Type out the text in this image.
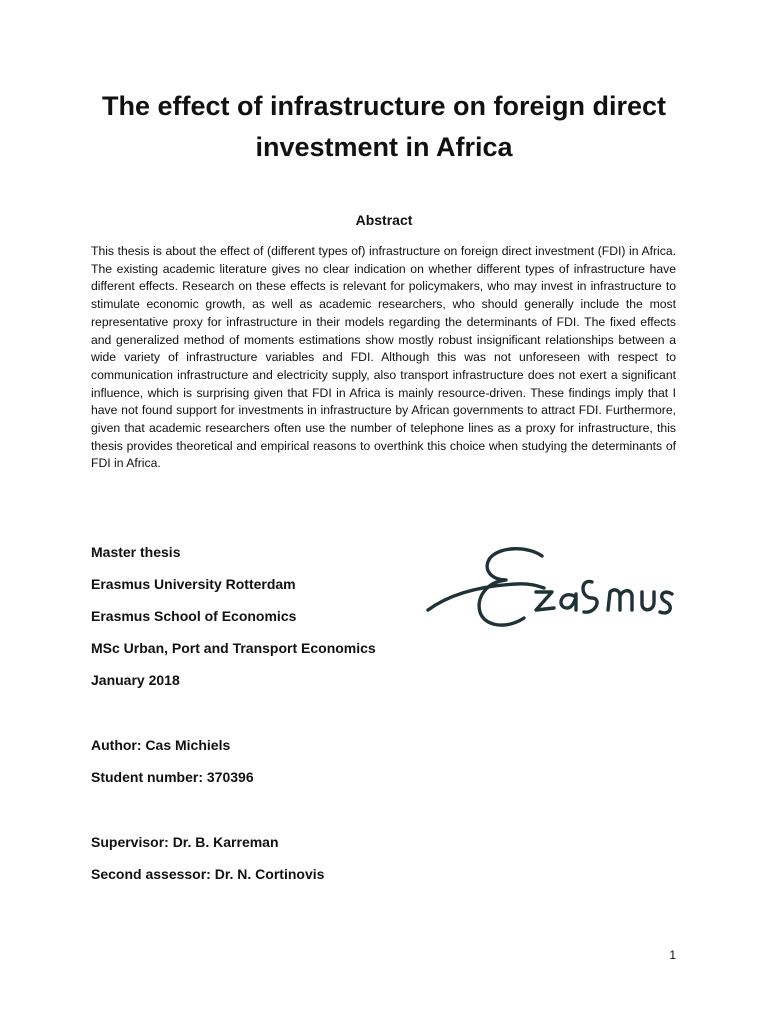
The effect of infrastructure on foreign direct investment in Africa
Abstract

This thesis is about the effect of (different types of) infrastructure on foreign direct investment (FDI) in Africa. The existing academic literature gives no clear indication on whether different types of infrastructure have different effects. Research on these effects is relevant for policymakers, who may invest in infrastructure to stimulate economic growth, as well as academic researchers, who should generally include the most representative proxy for infrastructure in their models regarding the determinants of FDI. The fixed effects and generalized method of moments estimations show mostly robust insignificant relationships between a wide variety of infrastructure variables and FDI. Although this was not unforeseen with respect to communication infrastructure and electricity supply, also transport infrastructure does not exert a significant influence, which is surprising given that FDI in Africa is mainly resource-driven. These findings imply that I have not found support for investments in infrastructure by African governments to attract FDI. Furthermore, given that academic researchers often use the number of telephone lines as a proxy for infrastructure, this thesis provides theoretical and empirical reasons to overthink this choice when studying the determinants of FDI in Africa.

Master thesis

Erasmus University Rotterdam

Erasmus School of Economics

MSc Urban, Port and Transport Economics

January 2018

Author: Cas Michiels

Student number: 370396

Supervisor: Dr. B. Karreman

Second assessor: Dr. N. Cortinovis

1
